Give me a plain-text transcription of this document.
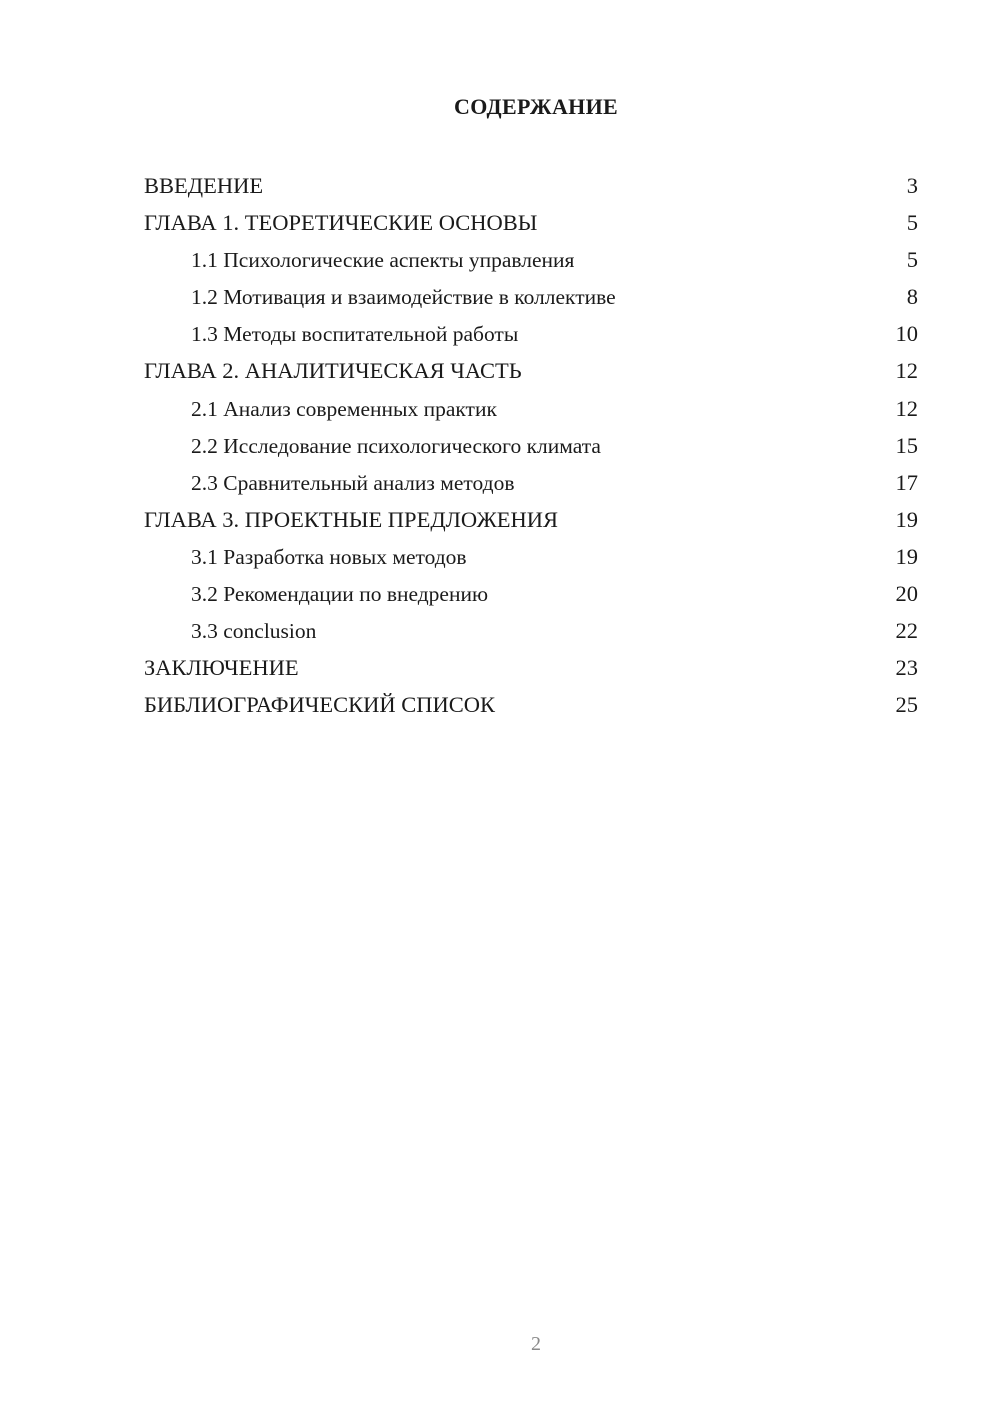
СОДЕРЖАНИЕ
ВВЕДЕНИЕ	3
ГЛАВА 1. ТЕОРЕТИЧЕСКИЕ ОСНОВЫ	5
1.1 Психологические аспекты управления	5
1.2 Мотивация и взаимодействие в коллективе	8
1.3 Методы воспитательной работы	10
ГЛАВА 2. АНАЛИТИЧЕСКАЯ ЧАСТЬ	12
2.1 Анализ современных практик	12
2.2 Исследование психологического климата	15
2.3 Сравнительный анализ методов	17
ГЛАВА 3. ПРОЕКТНЫЕ ПРЕДЛОЖЕНИЯ	19
3.1 Разработка новых методов	19
3.2 Рекомендации по внедрению	20
3.3 conclusion	22
ЗАКЛЮЧЕНИЕ	23
БИБЛИОГРАФИЧЕСКИЙ СПИСОК	25

2
